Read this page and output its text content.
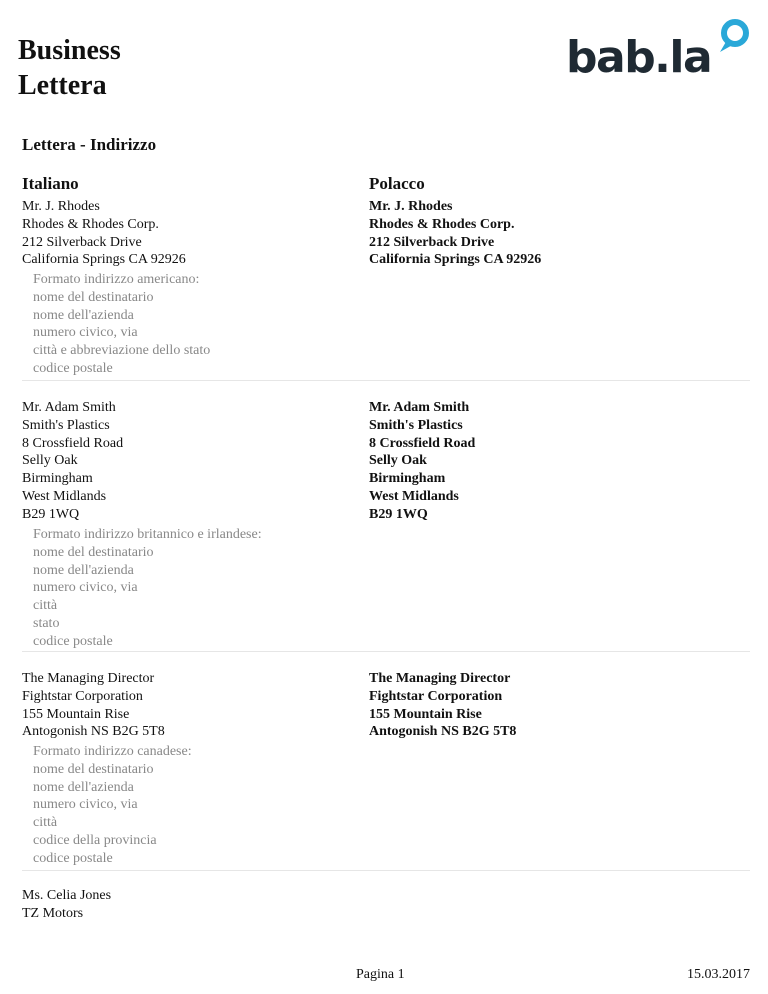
Business
Lettera
bab.la
Lettera - Indirizzo
Italiano	Polacco
Mr. J. Rhodes
Rhodes & Rhodes Corp.
212 Silverback Drive
California Springs CA 92926
Mr. J. Rhodes
Rhodes & Rhodes Corp.
212 Silverback Drive
California Springs CA 92926
Formato indirizzo americano:
nome del destinatario
nome dell'azienda
numero civico, via
città e abbreviazione dello stato
codice postale
Mr. Adam Smith
Smith's Plastics
8 Crossfield Road
Selly Oak
Birmingham
West Midlands
B29 1WQ
Mr. Adam Smith
Smith's Plastics
8 Crossfield Road
Selly Oak
Birmingham
West Midlands
B29 1WQ
Formato indirizzo britannico e irlandese:
nome del destinatario
nome dell'azienda
numero civico, via
città
stato
codice postale
The Managing Director
Fightstar Corporation
155 Mountain Rise
Antogonish NS B2G 5T8
The Managing Director
Fightstar Corporation
155 Mountain Rise
Antogonish NS B2G 5T8
Formato indirizzo canadese:
nome del destinatario
nome dell'azienda
numero civico, via
città
codice della provincia
codice postale
Ms. Celia Jones
TZ Motors
Pagina 1	15.03.2017
